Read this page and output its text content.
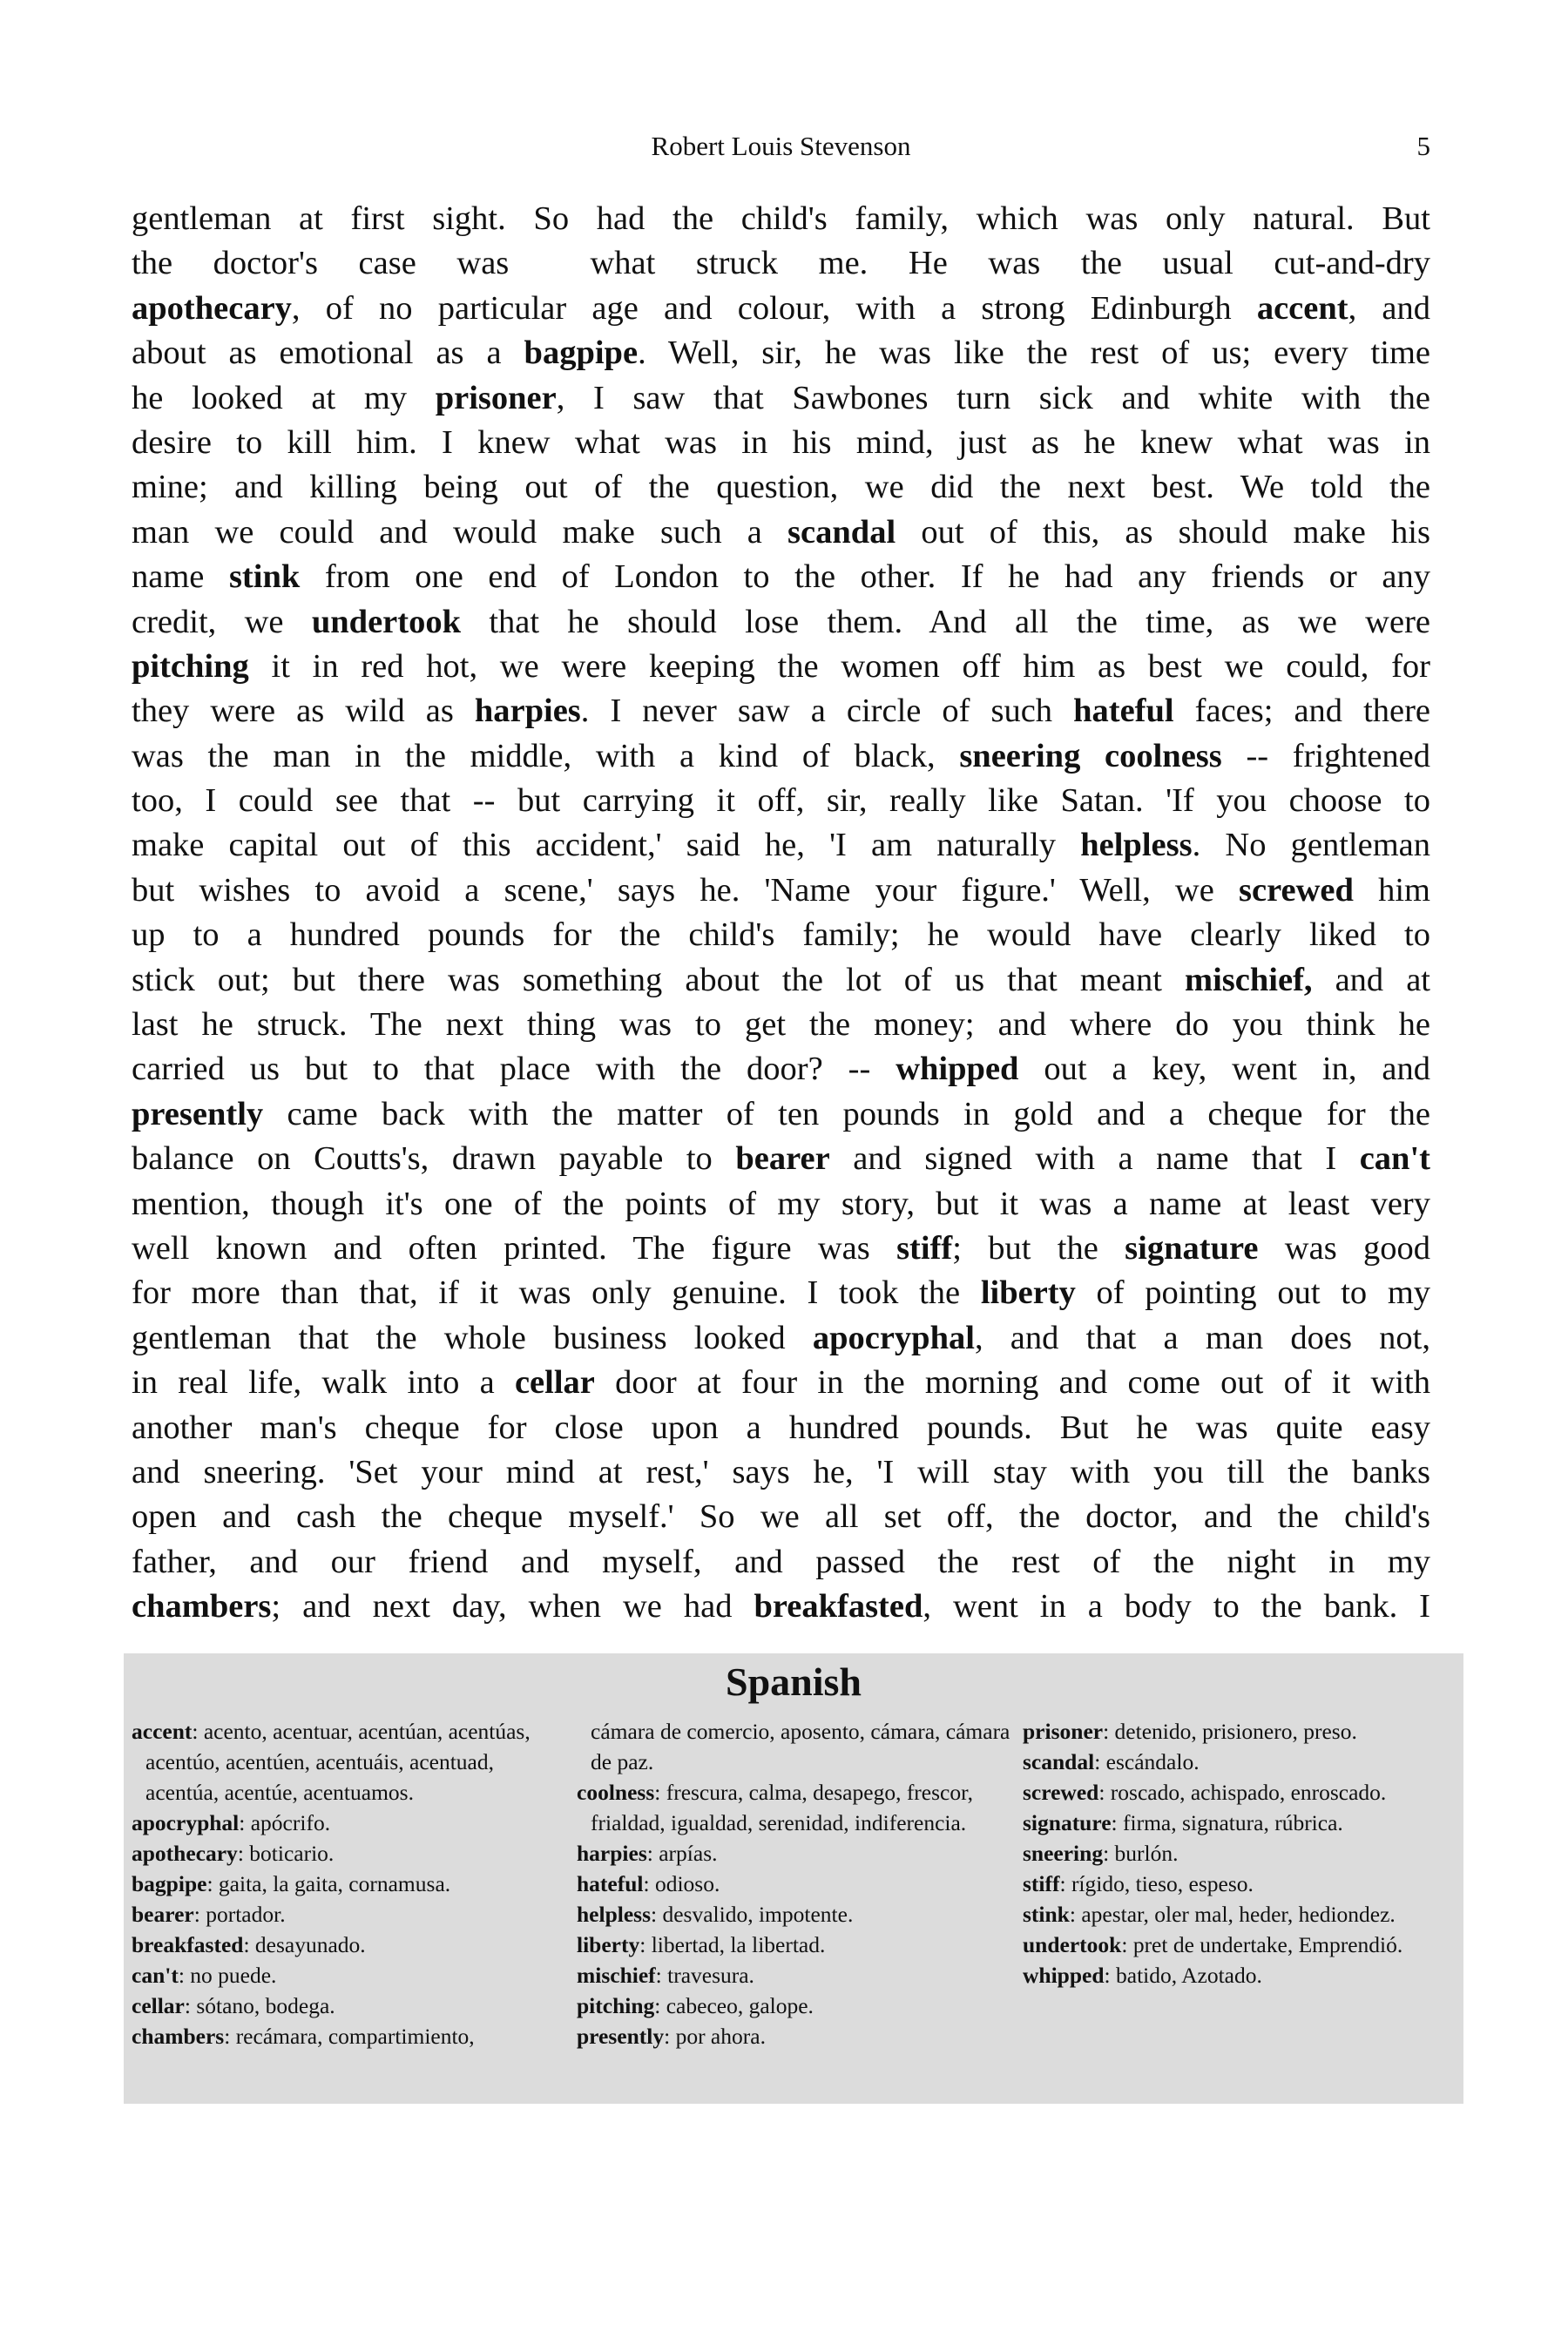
Robert Louis Stevenson	5
gentleman at first sight. So had the child's family, which was only natural. But
the doctor's case was  what struck me. He was the usual cut-and-dry
apothecary, of no particular age and colour, with a strong Edinburgh accent, and
about as emotional as a bagpipe. Well, sir, he was like the rest of us; every time
he looked at my prisoner, I saw that Sawbones turn sick and white with the
desire to kill him. I knew what was in his mind, just as he knew what was in
mine; and killing being out of the question, we did the next best. We told the
man we could and would make such a scandal out of this, as should make his
name stink from one end of London to the other. If he had any friends or any
credit, we undertook that he should lose them. And all the time, as we were
pitching it in red hot, we were keeping the women off him as best we could, for
they were as wild as harpies. I never saw a circle of such hateful faces; and there
was the man in the middle, with a kind of black, sneering coolness -- frightened
too, I could see that -- but carrying it off, sir, really like Satan. 'If you choose to
make capital out of this accident,' said he, 'I am naturally helpless. No gentleman
but wishes to avoid a scene,' says he. 'Name your figure.' Well, we screwed him
up to a hundred pounds for the child's family; he would have clearly liked to
stick out; but there was something about the lot of us that meant mischief, and at
last he struck. The next thing was to get the money; and where do you think he
carried us but to that place with the door? -- whipped out a key, went in, and
presently came back with the matter of ten pounds in gold and a cheque for the
balance on Coutts's, drawn payable to bearer and signed with a name that I can't
mention, though it's one of the points of my story, but it was a name at least very
well known and often printed. The figure was stiff; but the signature was good
for more than that, if it was only genuine. I took the liberty of pointing out to my
gentleman that the whole business looked apocryphal, and that a man does not,
in real life, walk into a cellar door at four in the morning and come out of it with
another man's cheque for close upon a hundred pounds. But he was quite easy
and sneering. 'Set your mind at rest,' says he, 'I will stay with you till the banks
open and cash the cheque myself.' So we all set off, the doctor, and the child's
father, and our friend and myself, and passed the rest of the night in my
chambers; and next day, when we had breakfasted, went in a body to the bank. I
Spanish
accent: acento, acentuar, acentúan, acentúas, acentúo, acentúen, acentuáis, acentuad, acentúa, acentúe, acentuamos.
apocryphal: apócrifo.
apothecary: boticario.
bagpipe: gaita, la gaita, cornamusa.
bearer: portador.
breakfasted: desayunado.
can't: no puede.
cellar: sótano, bodega.
chambers: recámara, compartimiento,
cámara de comercio, aposento, cámara, cámara de paz.
coolness: frescura, calma, desapego, frescor, frialdad, igualdad, serenidad, indiferencia.
harpies: arpías.
hateful: odioso.
helpless: desvalido, impotente.
liberty: libertad, la libertad.
mischief: travesura.
pitching: cabeceo, galope.
presently: por ahora.
prisoner: detenido, prisionero, preso.
scandal: escándalo.
screwed: roscado, achispado, enroscado.
signature: firma, signatura, rúbrica.
sneering: burlón.
stiff: rígido, tieso, espeso.
stink: apestar, oler mal, heder, hediondez.
undertook: pret de undertake, Emprendió.
whipped: batido, Azotado.
